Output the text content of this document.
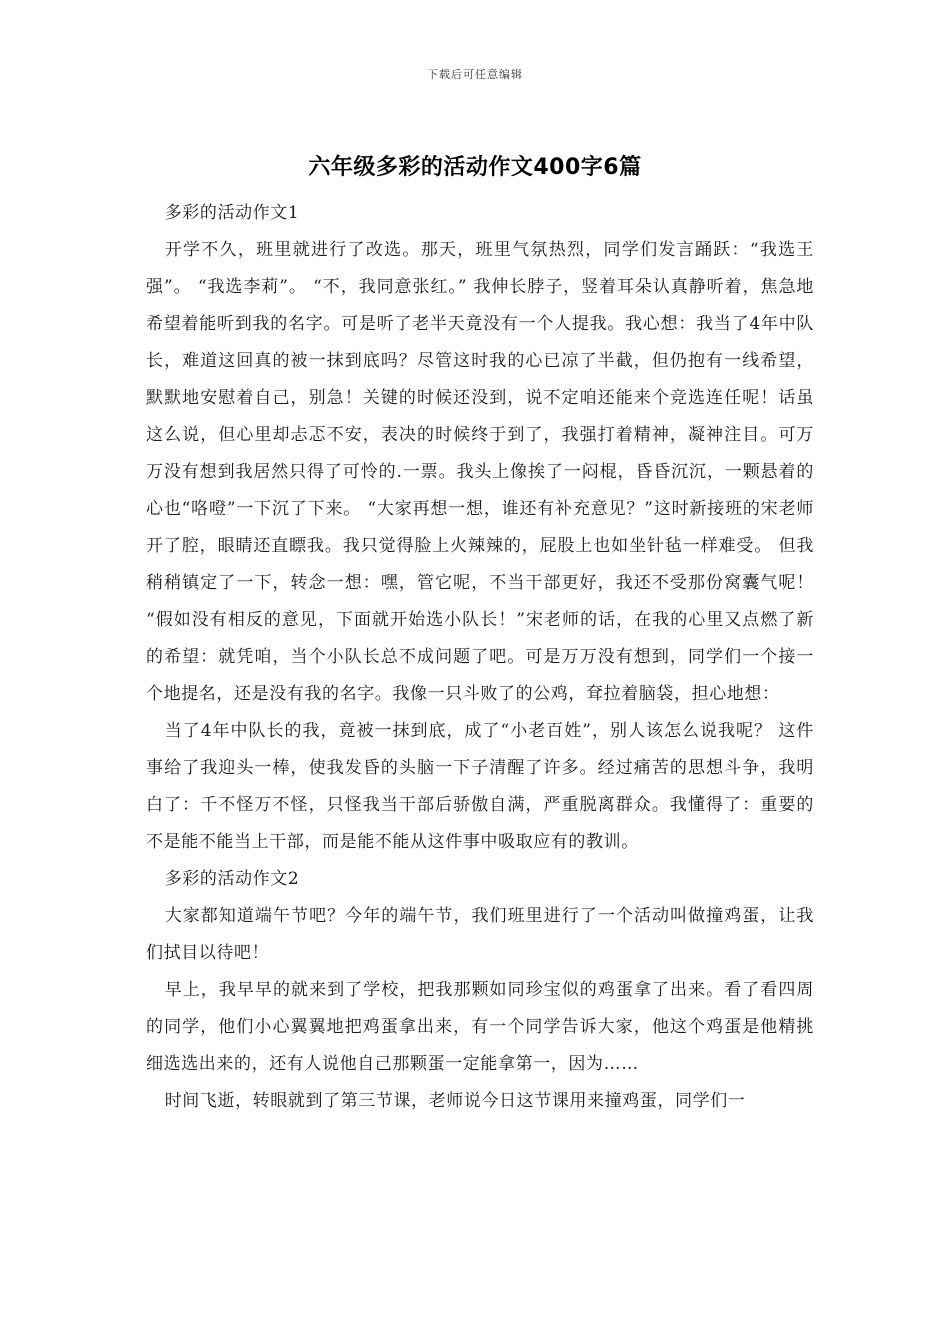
下载后可任意编辑
六年级多彩的活动作文400字6篇

多彩的活动作文1

开学不久，班里就进行了改选。那天，班里气氛热烈，同学们发言踊跃：“我选王强”。 “我选李莉”。 “不，我同意张红。” 我伸长脖子，竖着耳朵认真静听着，焦急地希望着能听到我的名字。可是听了老半天竟没有一个人提我。我心想：我当了4年中队长，难道这回真的被一抹到底吗？尽管这时我的心已凉了半截，但仍抱有一线希望，默默地安慰着自己，别急！关键的时候还没到，说不定咱还能来个竞选连任呢！话虽这么说，但心里却忐忑不安，表决的时候终于到了，我强打着精神，凝神注目。可万万没有想到我居然只得了可怜的.一票。我头上像挨了一闷棍，昏昏沉沉，一颗悬着的心也“咯噔”一下沉了下来。 “大家再想一想，谁还有补充意见？”这时新接班的宋老师开了腔，眼睛还直瞟我。我只觉得脸上火辣辣的，屁股上也如坐针毡一样难受。 但我稍稍镇定了一下，转念一想：嘿，管它呢，不当干部更好，我还不受那份窝囊气呢！ “假如没有相反的意见，下面就开始选小队长！”宋老师的话，在我的心里又点燃了新的希望：就凭咱，当个小队长总不成问题了吧。可是万万没有想到，同学们一个接一个地提名，还是没有我的名字。我像一只斗败了的公鸡，耷拉着脑袋，担心地想：

当了4年中队长的我，竟被一抹到底，成了“小老百姓”，别人该怎么说我呢？ 这件事给了我迎头一棒，使我发昏的头脑一下子清醒了许多。经过痛苦的思想斗争，我明白了：千不怪万不怪，只怪我当干部后骄傲自满，严重脱离群众。我懂得了：重要的不是能不能当上干部，而是能不能从这件事中吸取应有的教训。

多彩的活动作文2

大家都知道端午节吧？今年的端午节，我们班里进行了一个活动叫做撞鸡蛋，让我们拭目以待吧！

早上，我早早的就来到了学校，把我那颗如同珍宝似的鸡蛋拿了出来。看了看四周的同学，他们小心翼翼地把鸡蛋拿出来，有一个同学告诉大家，他这个鸡蛋是他精挑细选选出来的，还有人说他自己那颗蛋一定能拿第一，因为……

时间飞逝，转眼就到了第三节课，老师说今日这节课用来撞鸡蛋，同学们一
